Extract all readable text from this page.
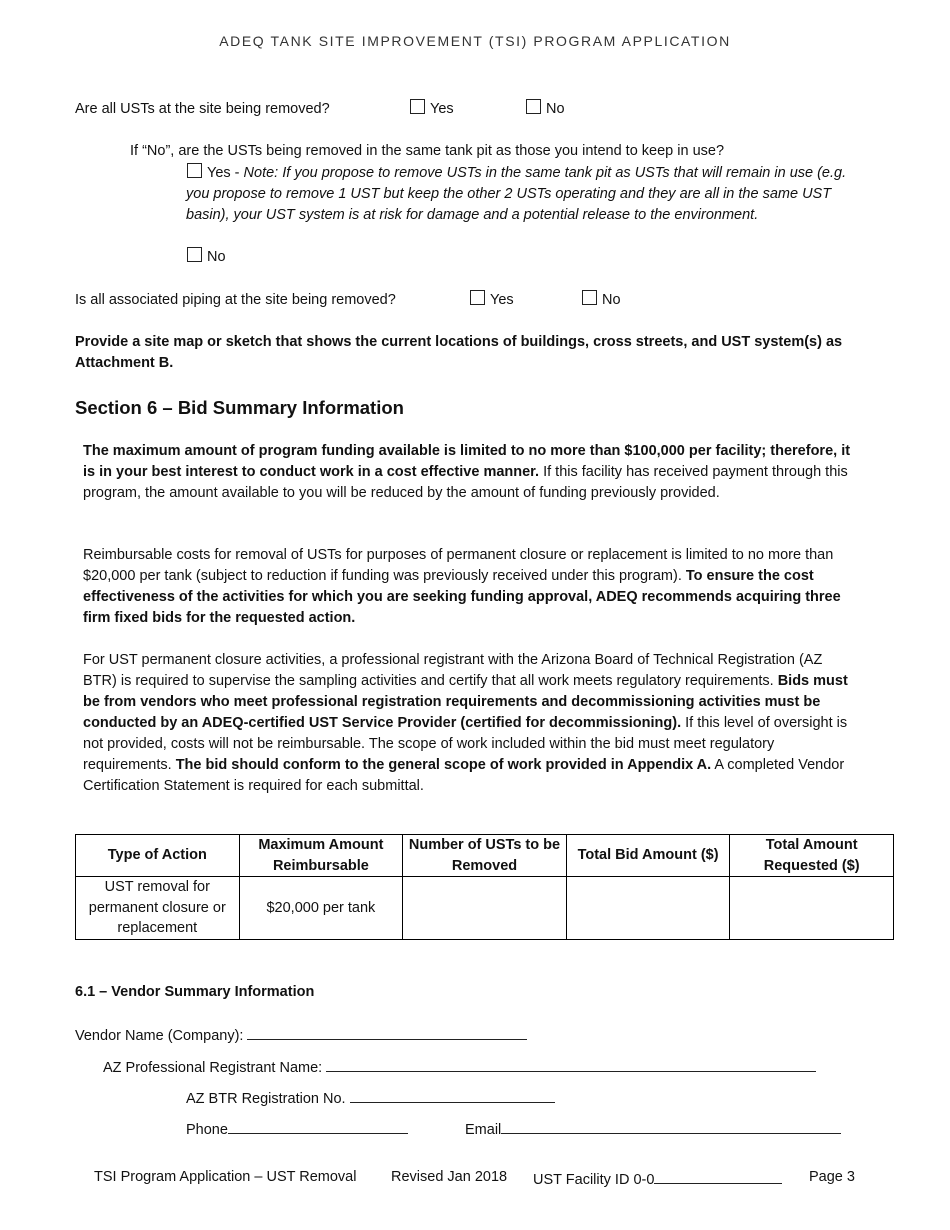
ADEQ TANK SITE IMPROVEMENT (TSI) PROGRAM APPLICATION
Are all USTs at the site being removed?	Yes	No
If “No”, are the USTs being removed in the same tank pit as those you intend to keep in use?
Yes - Note: If you propose to remove USTs in the same tank pit as USTs that will remain in use (e.g.
you propose to remove 1 UST but keep the other 2 USTs operating and they are all in the same UST
basin), your UST system is at risk for damage and a potential release to the environment.
No
Is all associated piping at the site being removed?	Yes	No
Provide a site map or sketch that shows the current locations of buildings, cross streets, and UST system(s) as
Attachment B.
Section 6 – Bid Summary Information
The maximum amount of program funding available is limited to no more than $100,000 per facility; therefore, it is in your best interest to conduct work in a cost effective manner. If this facility has received payment through this program, the amount available to you will be reduced by the amount of funding previously provided.
Reimbursable costs for removal of USTs for purposes of permanent closure or replacement is limited to no more than $20,000 per tank (subject to reduction if funding was previously received under this program). To ensure the cost effectiveness of the activities for which you are seeking funding approval, ADEQ recommends acquiring three firm fixed bids for the requested action.
For UST permanent closure activities, a professional registrant with the Arizona Board of Technical Registration (AZ BTR) is required to supervise the sampling activities and certify that all work meets regulatory requirements. Bids must be from vendors who meet professional registration requirements and decommissioning activities must be conducted by an ADEQ-certified UST Service Provider (certified for decommissioning). If this level of oversight is not provided, costs will not be reimbursable. The scope of work included within the bid must meet regulatory requirements. The bid should conform to the general scope of work provided in Appendix A. A completed Vendor Certification Statement is required for each submittal.
Type of Action	Maximum Amount Reimbursable	Number of USTs to be Removed	Total Bid Amount ($)	Total Amount Requested ($)
UST removal for permanent closure or replacement	$20,000 per tank			
6.1 – Vendor Summary Information
Vendor Name (Company):
AZ Professional Registrant Name:
AZ BTR Registration No.
Phone	Email
TSI Program Application – UST Removal Revised Jan 2018 UST Facility ID 0-0	Page 3
